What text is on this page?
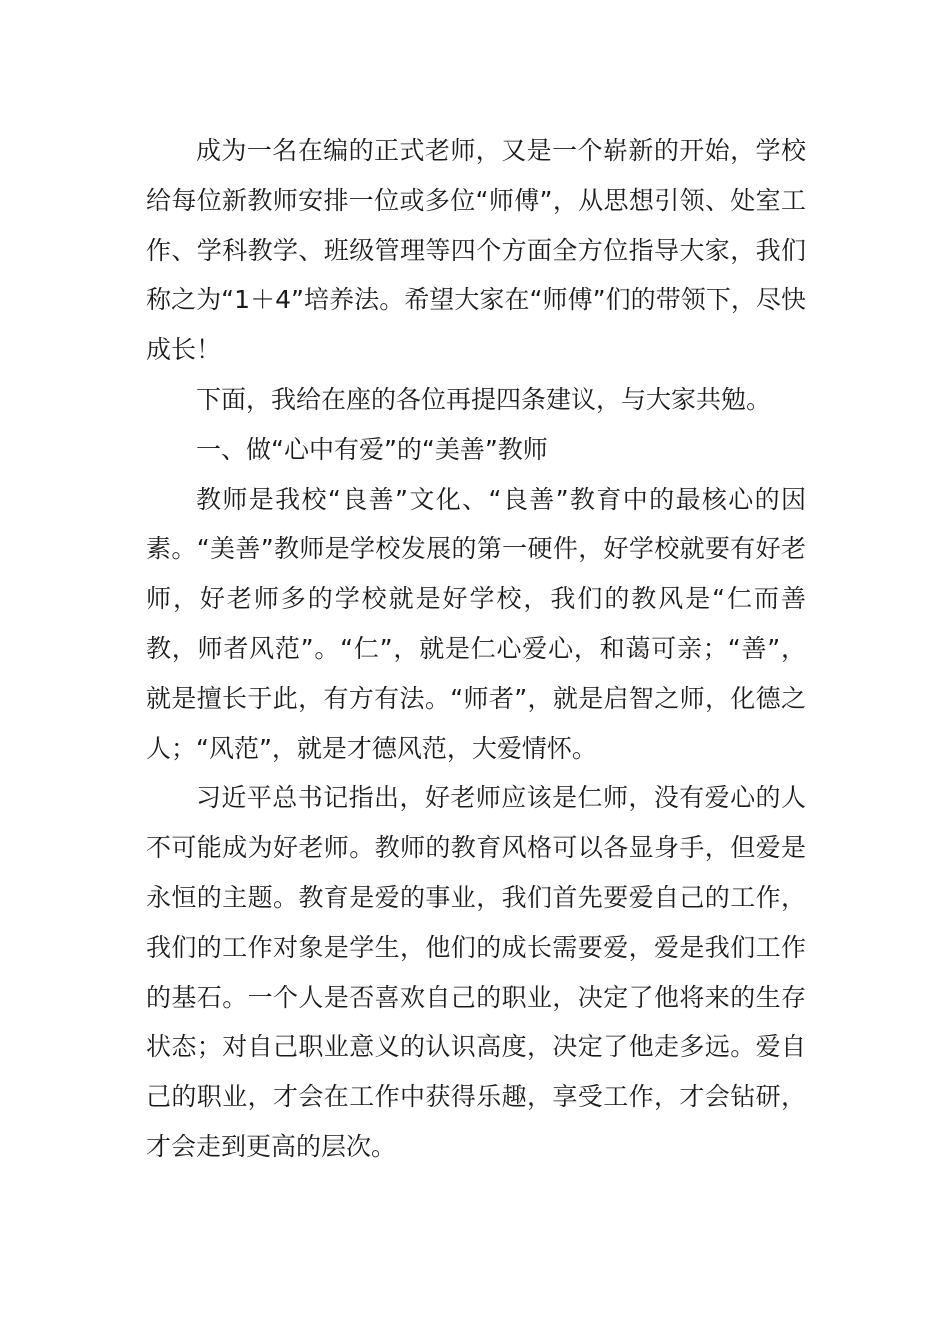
成为一名在编的正式老师，又是一个崭新的开始，学校给每位新教师安排一位或多位“师傅”，从思想引领、处室工作、学科教学、班级管理等四个方面全方位指导大家，我们称之为“1＋4”培养法。希望大家在“师傅”们的带领下，尽快成长！

下面，我给在座的各位再提四条建议，与大家共勉。

一、做“心中有爱”的“美善”教师

教师是我校“良善”文化、“良善”教育中的最核心的因素。“美善”教师是学校发展的第一硬件，好学校就要有好老师，好老师多的学校就是好学校，我们的教风是“仁而善教，师者风范”。“仁”，就是仁心爱心，和蔼可亲；“善”，就是擅长于此，有方有法。“师者”，就是启智之师，化德之人；“风范”，就是才德风范，大爱情怀。

习近平总书记指出，好老师应该是仁师，没有爱心的人不可能成为好老师。教师的教育风格可以各显身手，但爱是永恒的主题。教育是爱的事业，我们首先要爱自己的工作，我们的工作对象是学生，他们的成长需要爱，爱是我们工作的基石。一个人是否喜欢自己的职业，决定了他将来的生存状态；对自己职业意义的认识高度，决定了他走多远。爱自己的职业，才会在工作中获得乐趣，享受工作，才会钻研，才会走到更高的层次。
